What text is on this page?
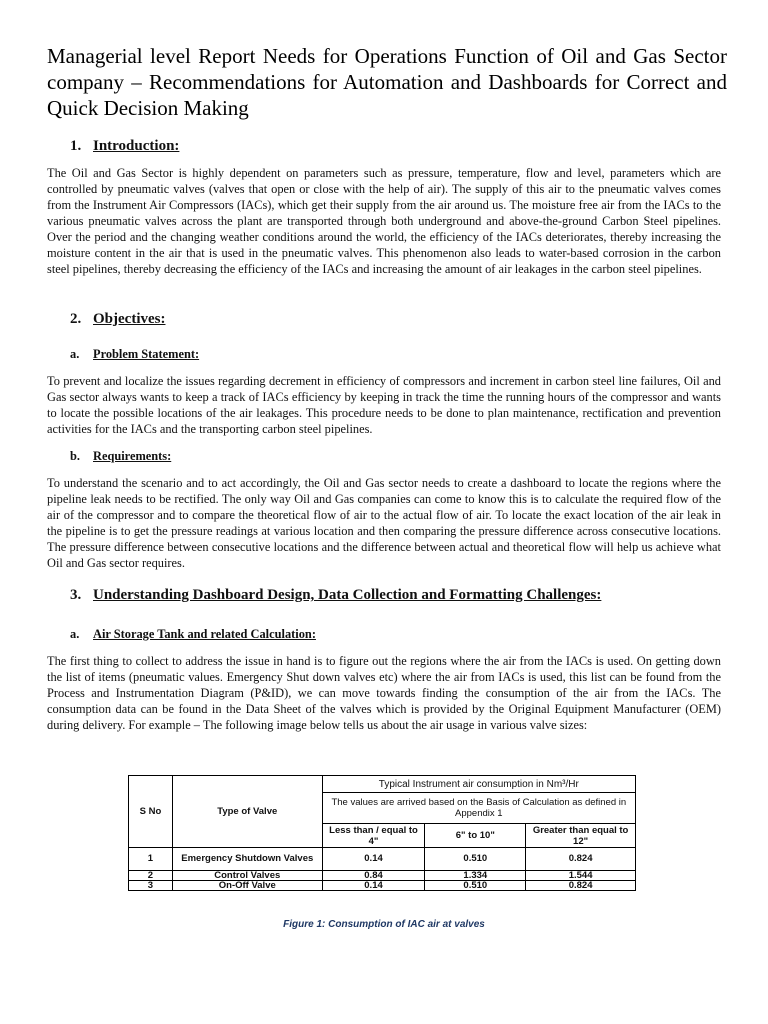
Managerial level Report Needs for Operations Function of Oil and Gas Sector company – Recommendations for Automation and Dashboards for Correct and Quick Decision Making
1. Introduction:

The Oil and Gas Sector is highly dependent on parameters such as pressure, temperature, flow and level, parameters which are controlled by pneumatic valves (valves that open or close with the help of air). The supply of this air to the pneumatic valves comes from the Instrument Air Compressors (IACs), which get their supply from the air around us. The moisture free air from the IACs to the various pneumatic valves across the plant are transported through both underground and above-the-ground Carbon Steel pipelines. Over the period and the changing weather conditions around the world, the efficiency of the IACs deteriorates, thereby increasing the moisture content in the air that is used in the pneumatic valves. This phenomenon also leads to water-based corrosion in the carbon steel pipelines, thereby decreasing the efficiency of the IACs and increasing the amount of air leakages in the carbon steel pipelines.

2. Objectives:
a. Problem Statement:

To prevent and localize the issues regarding decrement in efficiency of compressors and increment in carbon steel line failures, Oil and Gas sector always wants to keep a track of IACs efficiency by keeping in track the time the running hours of the compressor and wants to locate the possible locations of the air leakages. This procedure needs to be done to plan maintenance, rectification and prevention activities for the IACs and the transporting carbon steel pipelines.

b. Requirements:

To understand the scenario and to act accordingly, the Oil and Gas sector needs to create a dashboard to locate the regions where the pipeline leak needs to be rectified. The only way Oil and Gas companies can come to know this is to calculate the required flow of the air of the compressor and to compare the theoretical flow of air to the actual flow of air. To locate the exact location of the air leak in the pipeline is to get the pressure readings at various location and then comparing the pressure difference across consecutive locations. The pressure difference between consecutive locations and the difference between actual and theoretical flow will help us achieve what Oil and Gas sector requires.

3. Understanding Dashboard Design, Data Collection and Formatting Challenges:
a. Air Storage Tank and related Calculation:

The first thing to collect to address the issue in hand is to figure out the regions where the air from the IACs is used. On getting down the list of items (pneumatic values. Emergency Shut down valves etc) where the air from IACs is used, this list can be found from the Process and Instrumentation Diagram (P&ID), we can move towards finding the consumption of the air from the IACs. The consumption data can be found in the Data Sheet of the valves which is provided by the Original Equipment Manufacturer (OEM) during delivery. For example – The following image below tells us about the air usage in various valve sizes:

S No	Type of Valve	Typical Instrument air consumption in Nm³/Hr		
		The values are arrived based on the Basis of Calculation as defined in Appendix 1		
		Less than / equal to 4"	6" to 10"	Greater than equal to 12"
1	Emergency Shutdown Valves	0.14	0.510	0.824
2	Control Valves	0.84	1.334	1.544
3	On-Off Valve	0.14	0.510	0.824
Figure 1: Consumption of IAC air at valves
